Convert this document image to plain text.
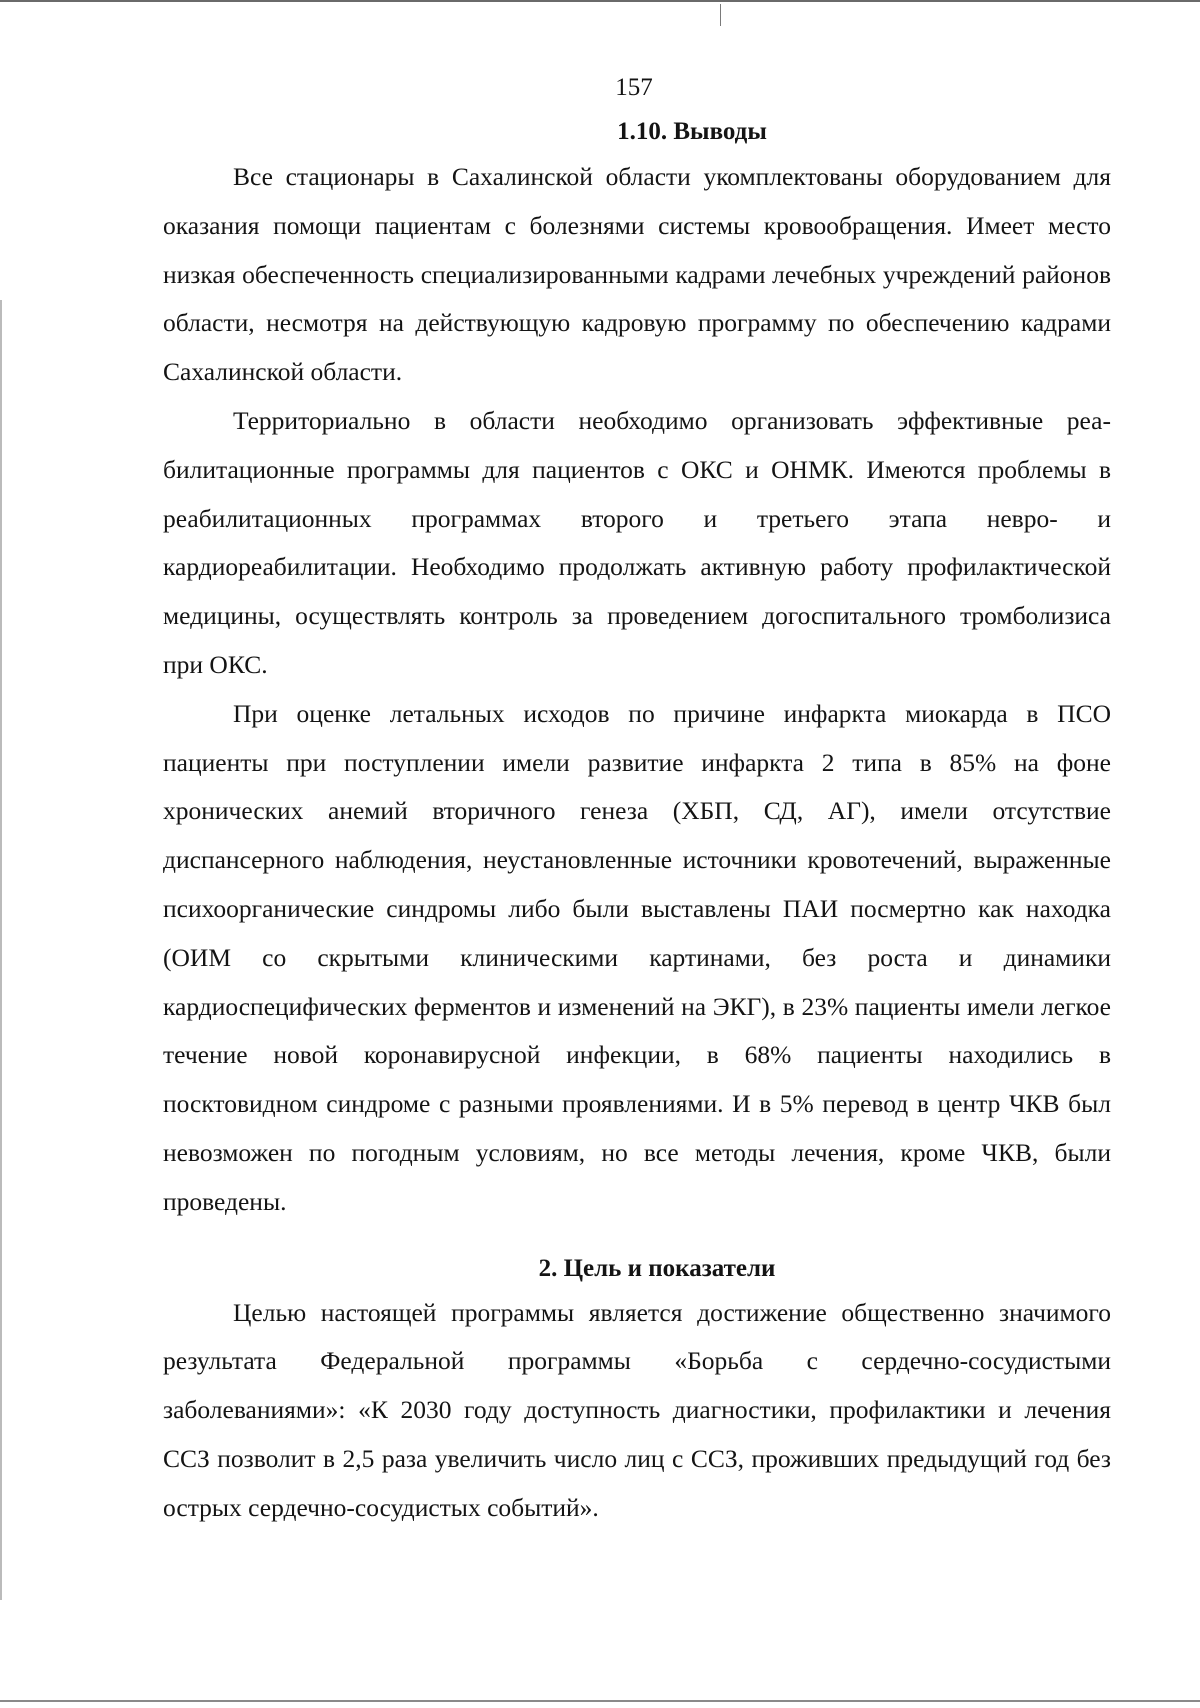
157
1.10. Выводы

Все стационары в Сахалинской области укомплектованы оборудованием для оказания помощи пациентам с болезнями системы кровообращения. Имеет место низкая обеспеченность специализированными кадрами лечебных учреждений районов области, несмотря на действующую кадровую программу по обеспечению кадрами Сахалинской области.

Территориально в области необходимо организовать эффективные реабилитационные программы для пациентов с ОКС и ОНМК. Имеются проблемы в реабилитационных программах второго и третьего этапа невро- и кардиореабилитации. Необходимо продолжать активную работу профилактической медицины, осуществлять контроль за проведением догоспитального тромболизиса при ОКС.

При оценке летальных исходов по причине инфаркта миокарда в ПСО пациенты при поступлении имели развитие инфаркта 2 типа в 85% на фоне хронических анемий вторичного генеза (ХБП, СД, АГ), имели отсутствие диспансерного наблюдения, неустановленные источники кровотечений, выраженные психоорганические синдромы либо были выставлены ПАИ посмертно как находка (ОИМ со скрытыми клиническими картинами, без роста и динамики кардиоспецифических ферментов и изменений на ЭКГ), в 23% пациенты имели легкое течение новой коронавирусной инфекции, в 68% пациенты находились в посктовидном синдроме с разными проявлениями. И в 5% перевод в центр ЧКВ был невозможен по погодным условиям, но все методы лечения, кроме ЧКВ, были проведены.

2. Цель и показатели

Целью настоящей программы является достижение общественно значимого результата Федеральной программы «Борьба с сердечно-сосудистыми заболеваниями»: «К 2030 году доступность диагностики, профилактики и лечения ССЗ позволит в 2,5 раза увеличить число лиц с ССЗ, проживших предыдущий год без острых сердечно-сосудистых событий».
